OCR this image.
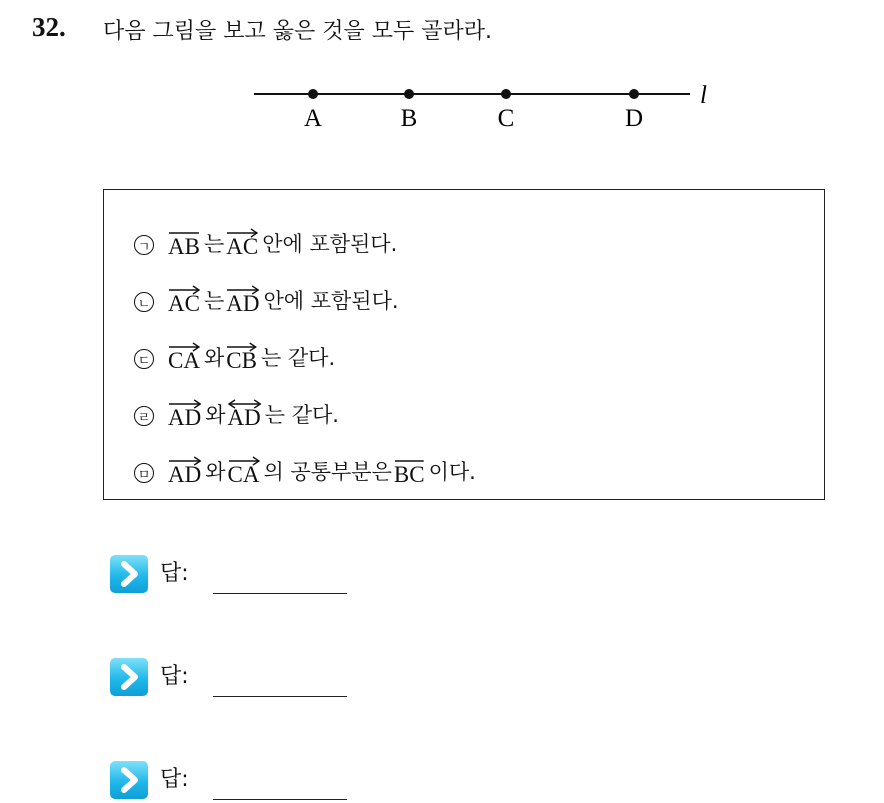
32. 다음 그림을 보고 옳은 것을 모두 골라라.
l
A	B	C	D
ㄱ AB 는 AC 안에 포함된다.
ㄴ AC 는 AD 안에 포함된다.
ㄷ CA 와 CB 는 같다.
ㄹ AD 와 AD 는 같다.
ㅁ AD 와 CA 의 공통부분은 BC 이다.
답:
답:
답:
